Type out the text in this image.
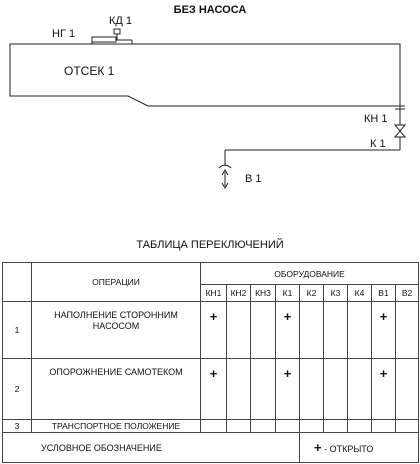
БЕЗ НАСОСА
ОТСЕК 1
НГ 1
КД 1
КН 1
К 1
В 1
ТАБЛИЦА ПЕРЕКЛЮЧЕНИЙ
	ОПЕРАЦИИ	ОБОРУДОВАНИЕ								
		КН1	КН2	КН3	К1	К2	К3	К4	В1	В2
1	НАПОЛНЕНИЕ СТОРОННИМ НАСОСОМ	+			+				+	
2	ОПОРОЖНЕНИЕ САМОТЕКОМ	+			+				+	
3	ТРАНСПОРТНОЕ ПОЛОЖЕНИЕ									
УСЛОВНОЕ ОБОЗНАЧЕНИЕ						+ - ОТКРЫТО				
